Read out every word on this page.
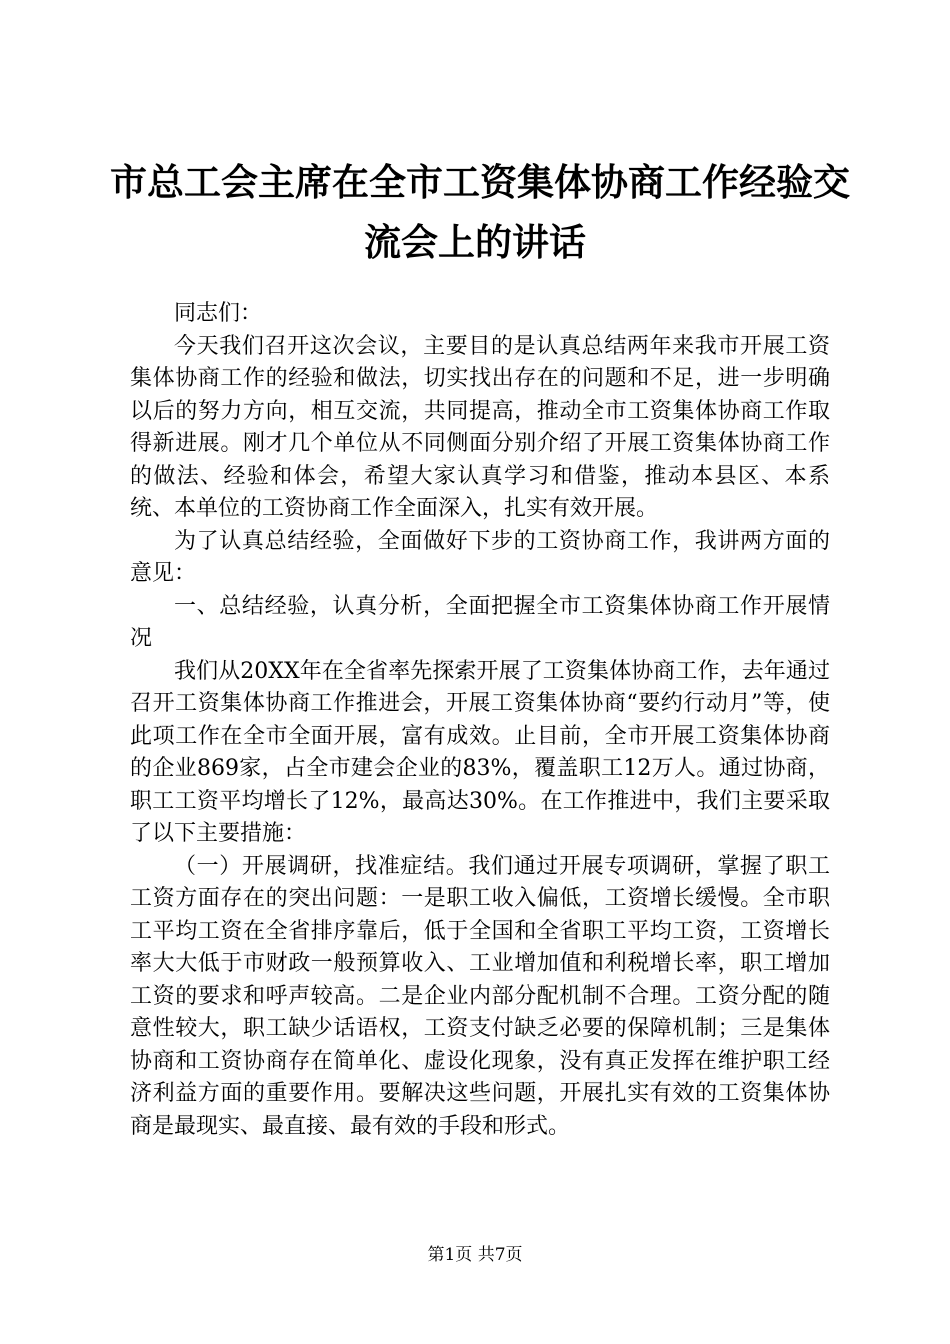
市总工会主席在全市工资集体协商工作经验交
流会上的讲话

同志们：

今天我们召开这次会议，主要目的是认真总结两年来我市开展工资集体协商工作的经验和做法，切实找出存在的问题和不足，进一步明确以后的努力方向，相互交流，共同提高，推动全市工资集体协商工作取得新进展。刚才几个单位从不同侧面分别介绍了开展工资集体协商工作的做法、经验和体会，希望大家认真学习和借鉴，推动本县区、本系统、本单位的工资协商工作全面深入，扎实有效开展。

为了认真总结经验，全面做好下步的工资协商工作，我讲两方面的意见：

一、总结经验，认真分析，全面把握全市工资集体协商工作开展情况

我们从20XX年在全省率先探索开展了工资集体协商工作，去年通过召开工资集体协商工作推进会，开展工资集体协商“要约行动月”等，使此项工作在全市全面开展，富有成效。止目前，全市开展工资集体协商的企业869家，占全市建会企业的83%，覆盖职工12万人。通过协商，职工工资平均增长了12%，最高达30%。在工作推进中，我们主要采取了以下主要措施：

（一）开展调研，找准症结。我们通过开展专项调研，掌握了职工工资方面存在的突出问题：一是职工收入偏低，工资增长缓慢。全市职工平均工资在全省排序靠后，低于全国和全省职工平均工资，工资增长率大大低于市财政一般预算收入、工业增加值和利税增长率，职工增加工资的要求和呼声较高。二是企业内部分配机制不合理。工资分配的随意性较大，职工缺少话语权，工资支付缺乏必要的保障机制；三是集体协商和工资协商存在简单化、虚设化现象，没有真正发挥在维护职工经济利益方面的重要作用。要解决这些问题，开展扎实有效的工资集体协商是最现实、最直接、最有效的手段和形式。

第1页 共7页
